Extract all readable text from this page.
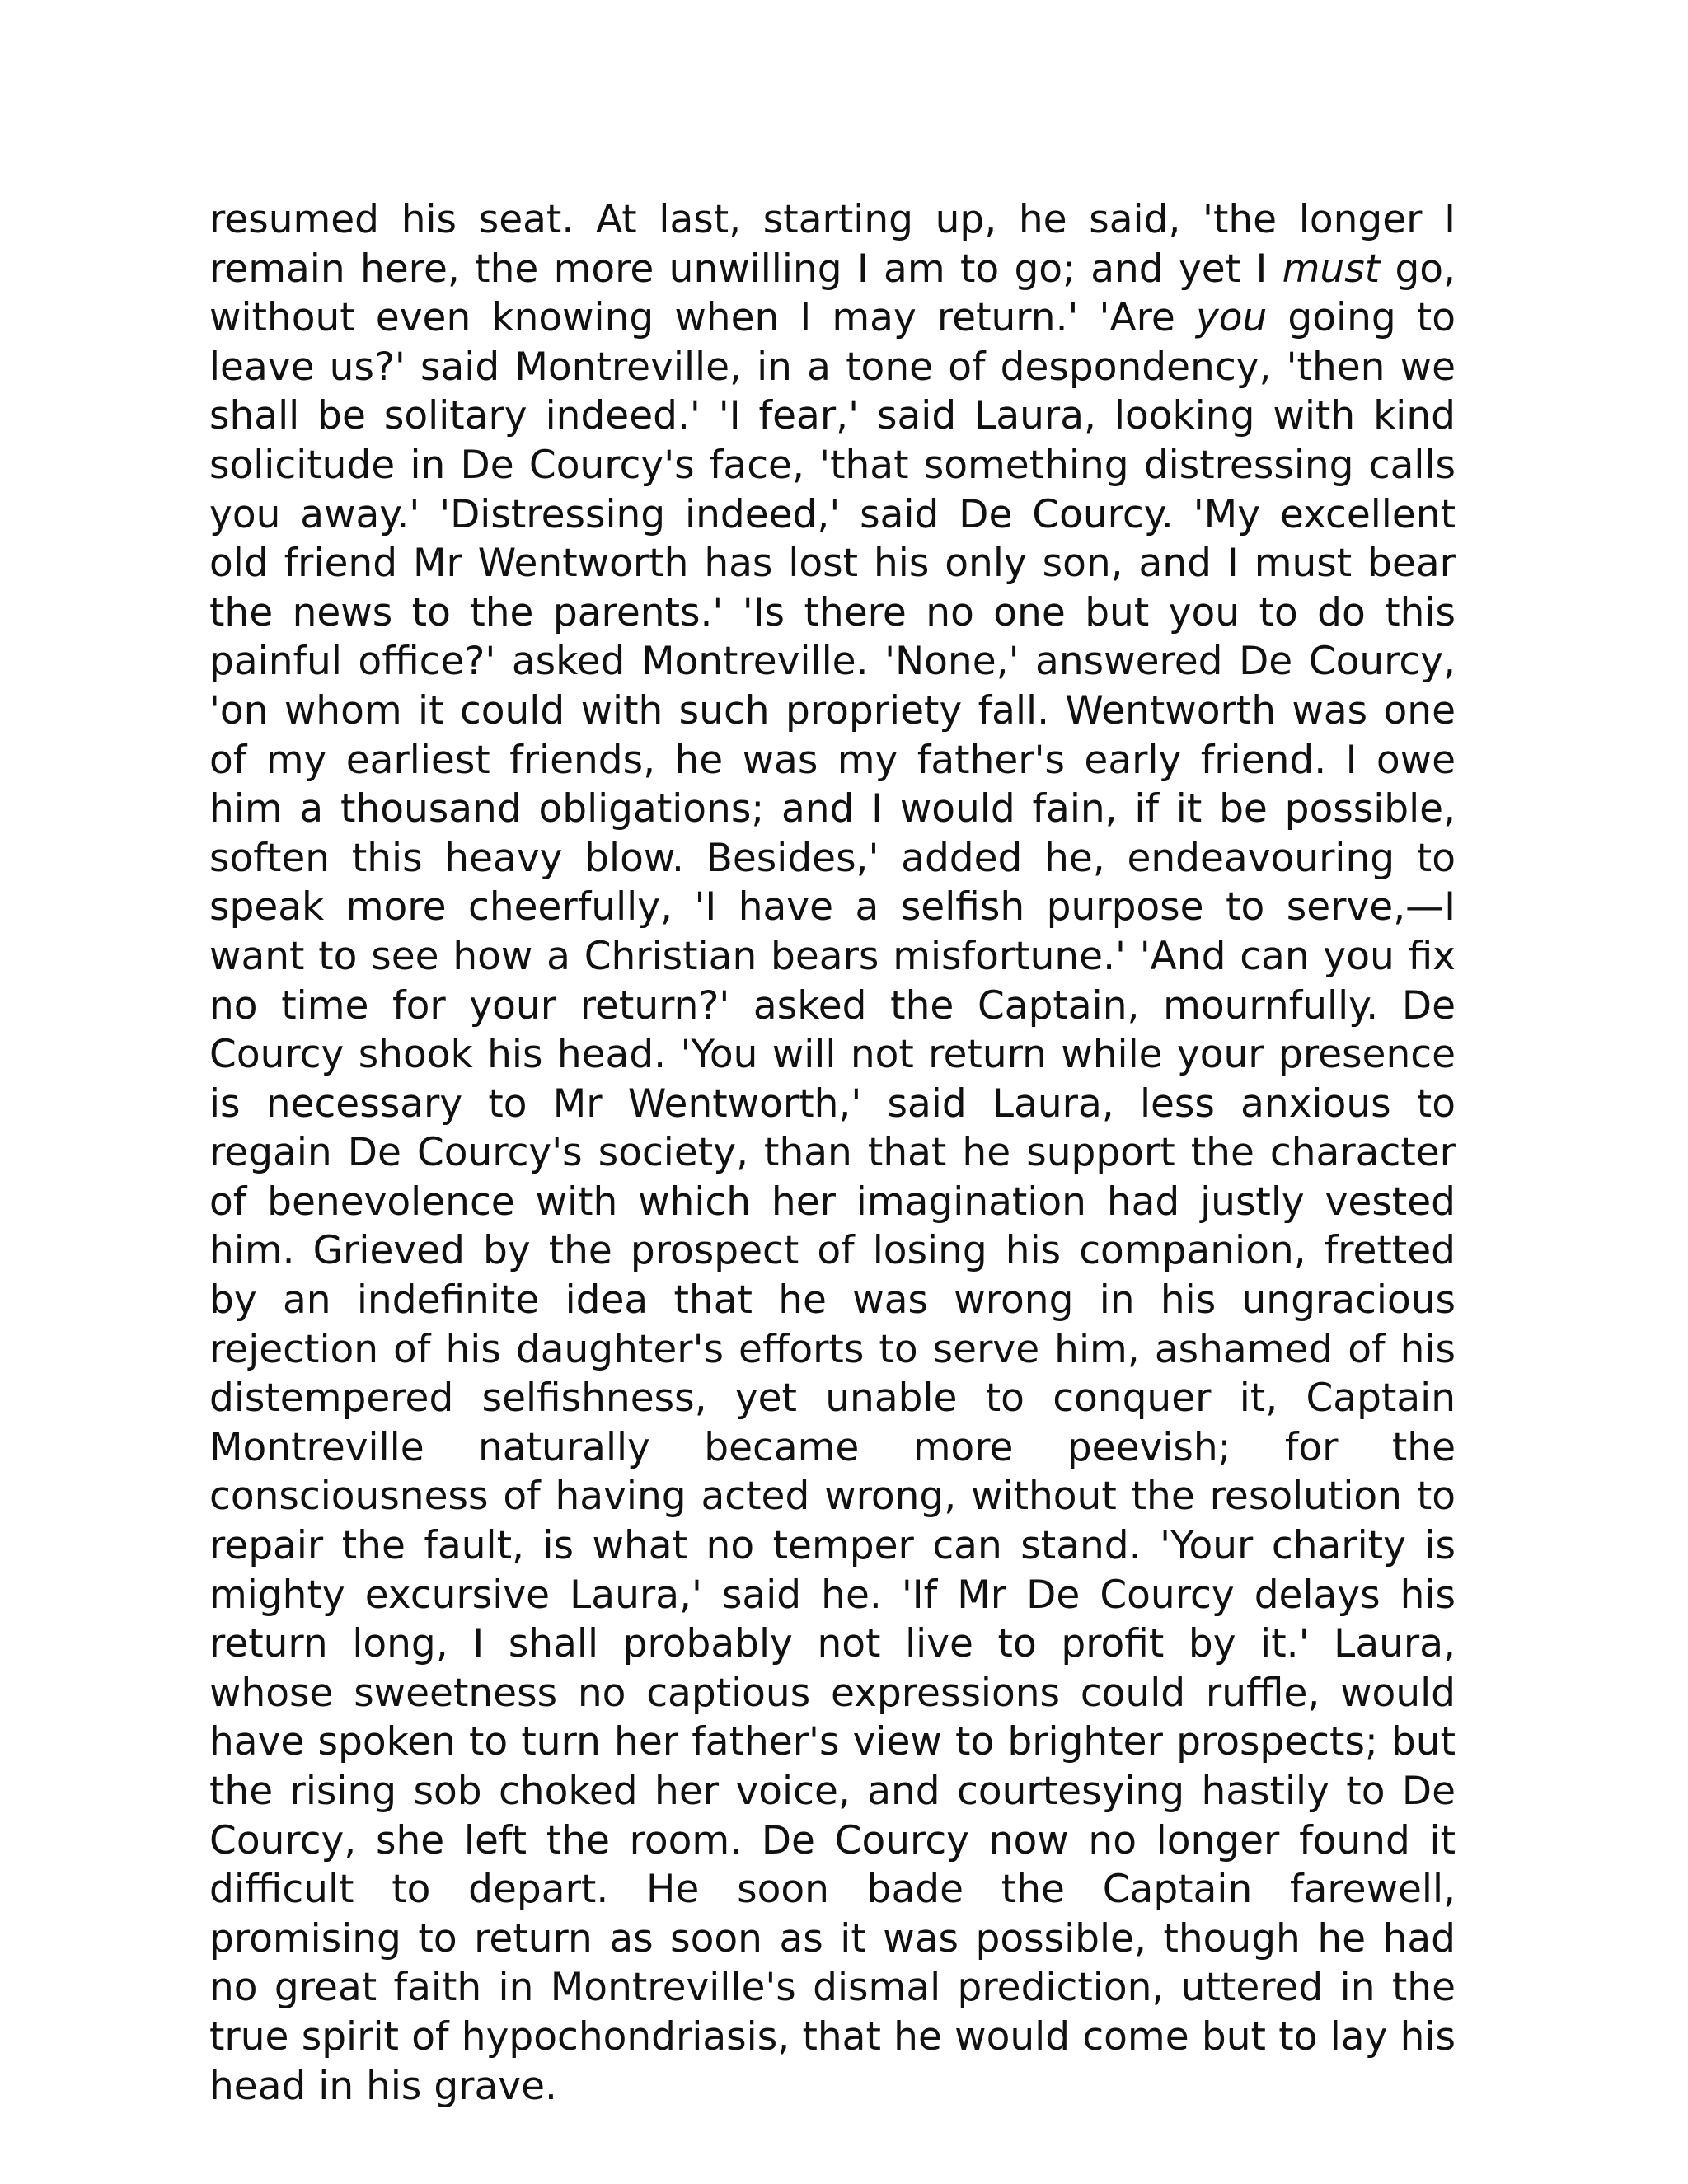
resumed his seat. At last, starting up, he said, 'the longer I remain here, the more unwilling I am to go; and yet I must go, without even knowing when I may return.' 'Are you going to leave us?' said Montreville, in a tone of despondency, 'then we shall be solitary indeed.' 'I fear,' said Laura, looking with kind solicitude in De Courcy's face, 'that something distressing calls you away.' 'Distressing indeed,' said De Courcy. 'My excellent old friend Mr Wentworth has lost his only son, and I must bear the news to the parents.' 'Is there no one but you to do this painful office?' asked Montreville. 'None,' answered De Courcy, 'on whom it could with such propriety fall. Wentworth was one of my earliest friends, he was my father's early friend. I owe him a thousand obligations; and I would fain, if it be possible, soften this heavy blow. Besides,' added he, endeavouring to speak more cheerfully, 'I have a selfish purpose to serve,—I want to see how a Christian bears misfortune.' 'And can you fix no time for your return?' asked the Captain, mournfully. De Courcy shook his head. 'You will not return while your presence is necessary to Mr Wentworth,' said Laura, less anxious to regain De Courcy's society, than that he support the character of benevolence with which her imagination had justly vested him. Grieved by the prospect of losing his companion, fretted by an indefinite idea that he was wrong in his ungracious rejection of his daughter's efforts to serve him, ashamed of his distempered selfishness, yet unable to conquer it, Captain Montreville naturally became more peevish; for the consciousness of having acted wrong, without the resolution to repair the fault, is what no temper can stand. 'Your charity is mighty excursive Laura,' said he. 'If Mr De Courcy delays his return long, I shall probably not live to profit by it.' Laura, whose sweetness no captious expressions could ruffle, would have spoken to turn her father's view to brighter prospects; but the rising sob choked her voice, and courtesying hastily to De Courcy, she left the room. De Courcy now no longer found it difficult to depart. He soon bade the Captain farewell, promising to return as soon as it was possible, though he had no great faith in Montreville's dismal prediction, uttered in the true spirit of hypochondriasis, that he would come but to lay his head in his grave.
